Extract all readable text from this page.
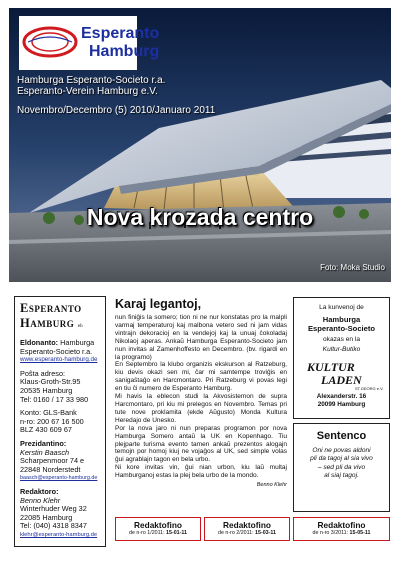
Esperanto
Hamburg
Hamburga Esperanto-Societo r.a.
Esperanto-Verein Hamburg e.V.
Novembro/Decembro (5) 2010/Januaro 2011
Nova krozada centro
Foto: Moka Studio
Esperanto
Hamburg eh
Eldonanto: Hamburga Esperanto-Societo r.a.
www.esperanto-hamburg.de
Poŝta adreso:
Klaus-Groth-Str.95
20535 Hamburg
Tel: 0160 / 17 33 980
Konto: GLS-Bank
n-ro: 200 67 16 500
BLZ 430 609 67
Prezidantino:
Kerstin Baasch
Scharpenmoor 74 e
22848 Norderstedt
baasch@esperanto-hamburg.de
Redaktoro:
Benno Klehr
Winterhuder Weg 32
22085 Hamburg
Tel: (040) 4318 8347
klehr@esperanto-hamburg.de
Karaj legantoj,

nun finiĝis la somero; tion ni ne nur konstatas pro la malpli varmaj temperaturoj kaj malbona vetero sed ni jam vidas vintrajn dekoracioj en la vendejoj kaj la unuaj ĉokoladaj Nikolaoj aperas. Ankaŭ Hamburga Esperanto-Societo jam nun invitas al Zamenhoffesto en Decembro. (bv. rigardi en la programo)

En Septembro la klubo organizis ekskurson al Ratzeburg, kiu devis okazi sen mi, ĉar mi samtempe troviĝis en sanigaŝtaĝo en Harcmontaro. Pri Ratzeburg vi povas legi en tiu ĉi numero de Esperanto Hamburg.

Mi havis la eblecon studi la Akvosistemon de supra Harcmontaro, pri kiu mi prelegos en Novembro. Temas pri tute nove proklamita (ekde Aŭgusto) Monda Kultura Heredajo de Unesko.

Por la nova jaro ni nun preparas programon por nova Hamburga Somero antaŭ la UK en Kopenhago. Tiu plejparte turisma evento tamen ankaŭ prezentos alogajn temojn por homoj kiuj ne vojaĝos al UK, sed simple volas ĝui agrablajn tagon en bela urbo.

Ni kore invitas vin, ĝui nian urbon, kiu laŭ multaj Hamburganoj estas la plej bela urbo de la mondo.

Benno Klehr
La kunvenoj de
Hamburga
Esperanto-Societo
okazas en la
Kultur-Butiko
KULTUR
LADEN
ST.GEORG e.V.
Alexanderstr. 16
20099 Hamburg
Sentenco
Oni ne povas aldoni
pli da tagoj al sia vivo
– sed pli da vivo
al siaj tagoj.
Redaktofino
de n-ro 1/2011: 15-01-11
Redaktofino
de n-ro 2/2011: 15-03-11
Redaktofino
de n-ro 3/2011: 15-05-11
